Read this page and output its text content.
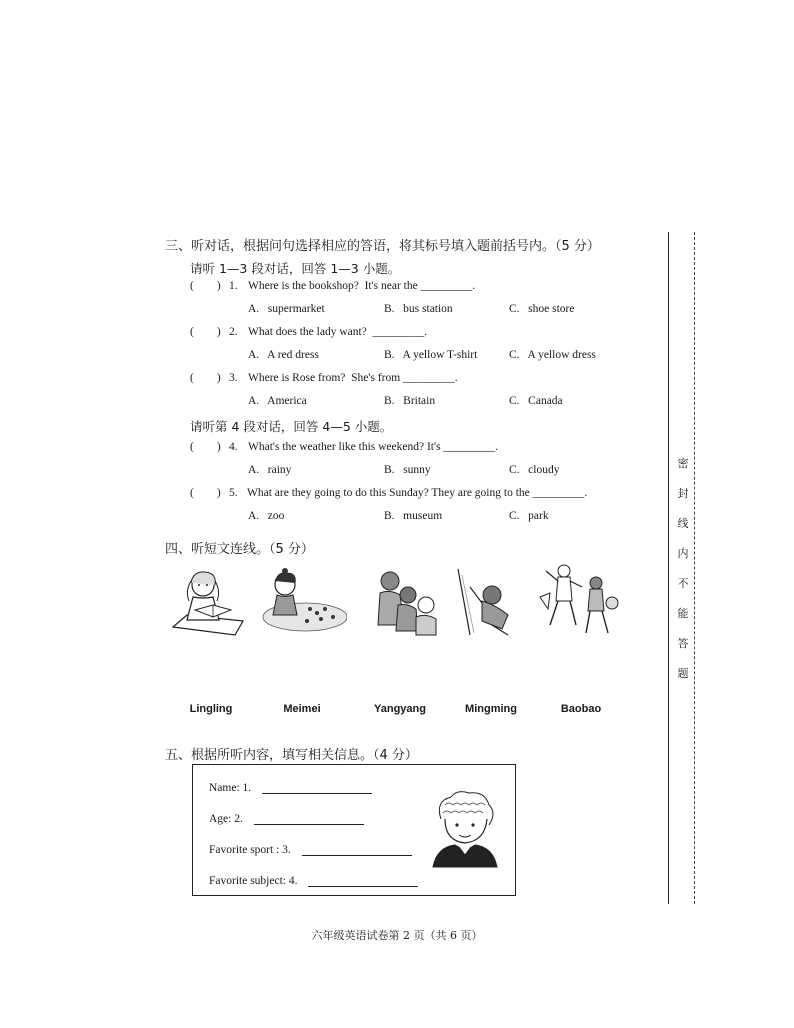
密
封
线
内
不
能
答
题
三、听对话，根据问句选择相应的答语，将其标号填入题前括号内。（5 分）
请听 1—3 段对话，回答 1—3 小题。
(        ) 1. Where is the bookshop?  It's near the _________.
A.   supermarket	B.   bus station	C.   shoe store
(        ) 2. What does the lady want?  _________.
A.   A red dress	B.   A yellow T-shirt	C.   A yellow dress
(        ) 3. Where is Rose from?  She's from _________.
A.   America	B.   Britain	C.   Canada
请听第 4 段对话，回答 4—5 小题。
(        ) 4. What's the weather like this weekend? It's _________.
A.   rainy	B.   sunny	C.   cloudy
(        ) 5. What are they going to do this Sunday? They are going to the _________.
A.   zoo	B.   museum	C.   park
四、听短文连线。（5 分）
Lingling	Meimei	Yangyang	Mingming	Baobao
五、根据所听内容，填写相关信息。（4 分）
Name: 1.
Age: 2.
Favorite sport : 3.
Favorite subject: 4.
六年级英语试卷第 2 页（共 6 页）
